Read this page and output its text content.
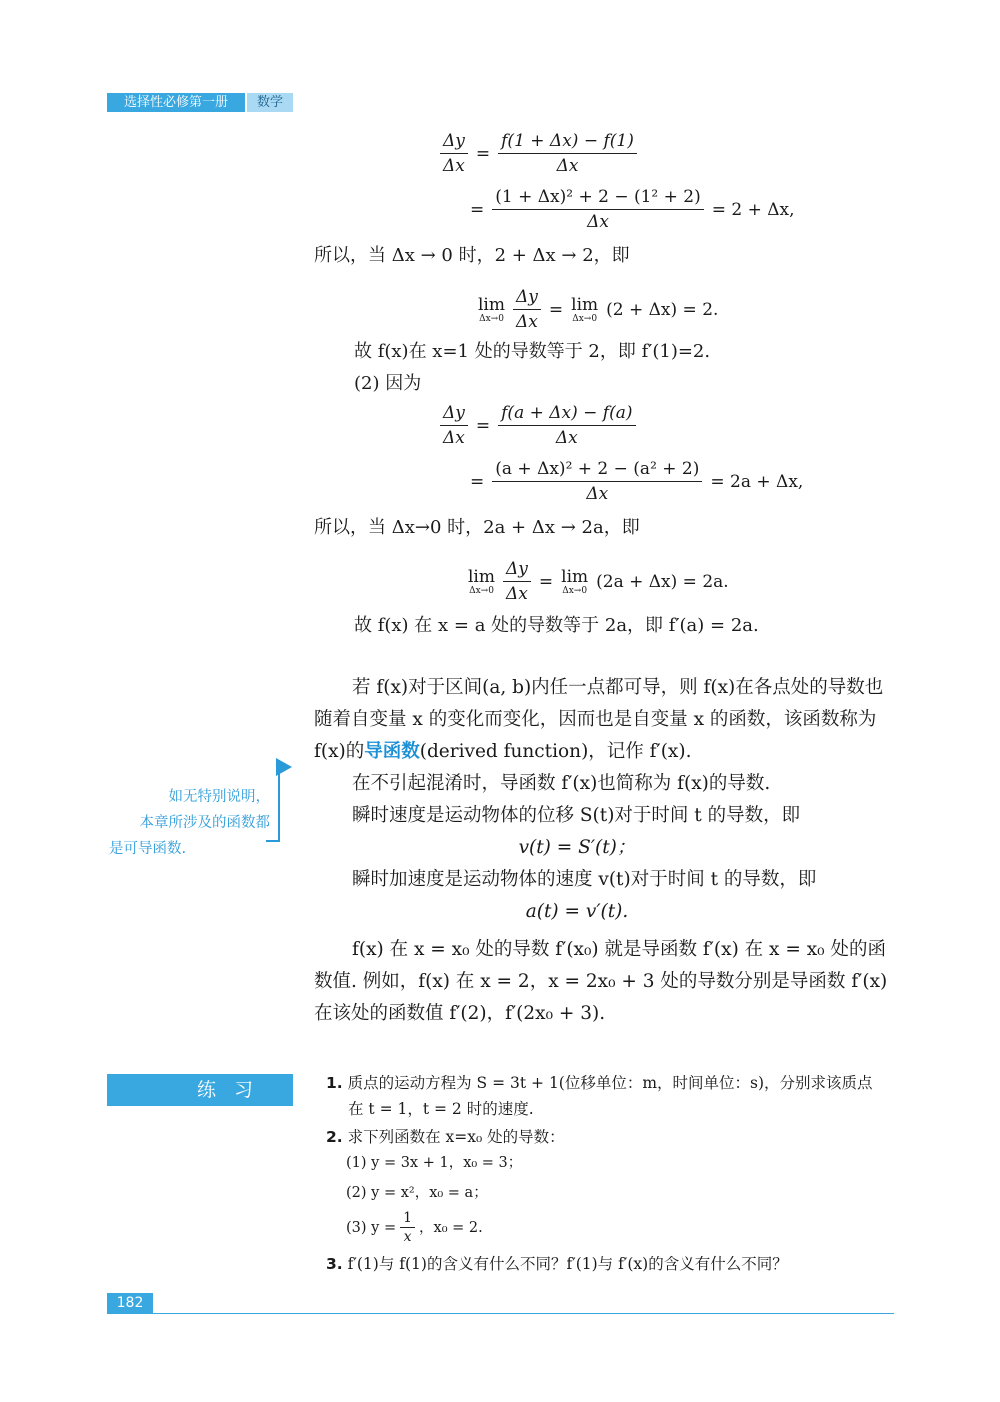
选择性必修第一册	数学
$\frac{\Delta y}{\Delta x} = \frac{f(1 + \Delta x) - f(1)}{\Delta x}$
= $\frac{\text{(1 + Δx)² + 2 − (1² + 2)}}{\Delta x} = 2 + \Delta x$,
所以，当 Δx → 0 时，2 + Δx → 2，即
lim
$\Delta x\to 0 \frac{\Delta y}{\Delta x} = \lim$
Δx→0 (2 + Δx) = 2.
故 f(x)在 x=1 处的导数等于 2，即 f′(1)=2.
(2) 因为
$\frac{\Delta y}{\Delta x} = \frac{f(a + \Delta x) - f(a)}{\Delta x}$
= $\frac{\text{(a + Δx)² + 2 − (a² + 2)}}{\Delta x} = 2a + \Delta x$,
所以，当 Δx→0 时，2a + Δx → 2a，即
lim
$\Delta x\to 0 \frac{\Delta y}{\Delta x} = \lim$
Δx→0 (2a + Δx) = 2a.
故 f(x) 在 x = a 处的导数等于 2a，即 f′(a) = 2a.

若 f(x)对于区间(a, b)内任一点都可导，则 f(x)在各点处的导数也随着自变量 x 的变化而变化，因而也是自变量 x 的函数，该函数称为 f(x)的导函数(derived function)，记作 f′(x).

在不引起混淆时，导函数 f′(x)也简称为 f(x)的导数.

瞬时速度是运动物体的位移 S(t)对于时间 t 的导数，即

v(t) = S′(t)；

瞬时加速度是运动物体的速度 v(t)对于时间 t 的导数，即

a(t) = v′(t).

f(x) 在 x = x₀ 处的导数 f′(x₀) 就是导函数 f′(x) 在 x = x₀ 处的函数值. 例如，f(x) 在 x = 2，x = 2x₀ + 3 处的导数分别是导函数 f′(x) 在该处的函数值 f′(2)，f′(2x₀ + 3).

如无特别说明，
本章所涉及的函数都
是可导函数.
练习	1. 质点的运动方程为 S = 3t + 1(位移单位：m，时间单位：s)，分别求该质点
在 t = 1，t = 2 时的速度.
2. 求下列函数在 x=x₀ 处的导数：
(1) y = 3x + 1，x₀ = 3；
(2) y = x²，x₀ = a；
(3) $y = \frac{1}{x}$ ，x₀ = 2.
3. f′(1)与 f(1)的含义有什么不同？f′(1)与 f′(x)的含义有什么不同？
182
